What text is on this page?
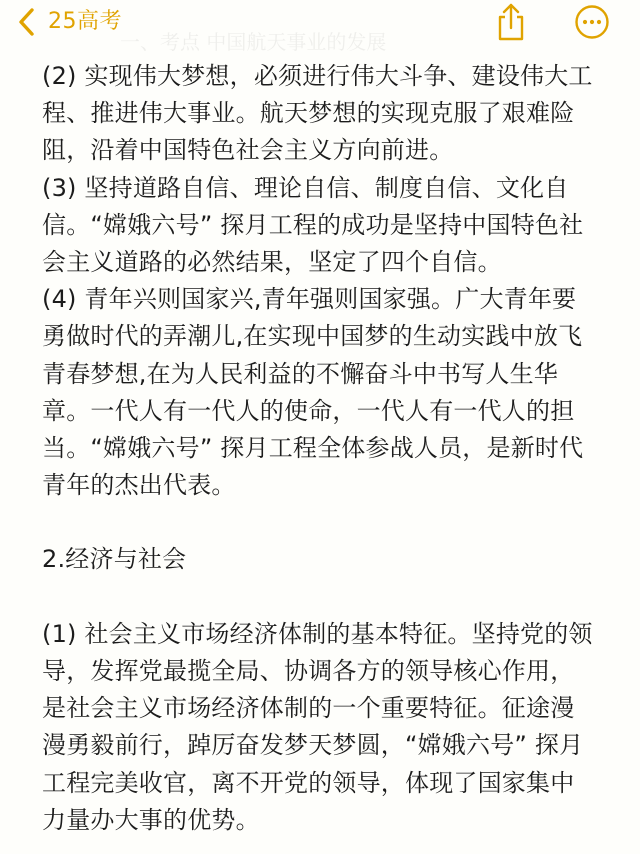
25高考
一、考点 中国航天事业的发展
(2) 实现伟大梦想，必须进行伟大斗争、建设伟大工
程、推进伟大事业。航天梦想的实现克服了艰难险
阻，沿着中国特色社会主义方向前进。
(3) 坚持道路自信、理论自信、制度自信、文化自
信。“嫦娥六号” 探月工程的成功是坚持中国特色社
会主义道路的必然结果，坚定了四个自信。
(4) 青年兴则国家兴,青年强则国家强。广大青年要
勇做时代的弄潮儿,在实现中国梦的生动实践中放飞
青春梦想,在为人民利益的不懈奋斗中书写人生华
章。一代人有一代人的使命，一代人有一代人的担
当。“嫦娥六号” 探月工程全体参战人员，是新时代
青年的杰出代表。
2.经济与社会
(1) 社会主义市场经济体制的基本特征。坚持党的领
导，发挥党最揽全局、协调各方的领导核心作用，
是社会主义市场经济体制的一个重要特征。征途漫
漫勇毅前行，踔厉奋发梦天梦圆，“嫦娥六号” 探月
工程完美收官，离不开党的领导，体现了国家集中
力量办大事的优势。
